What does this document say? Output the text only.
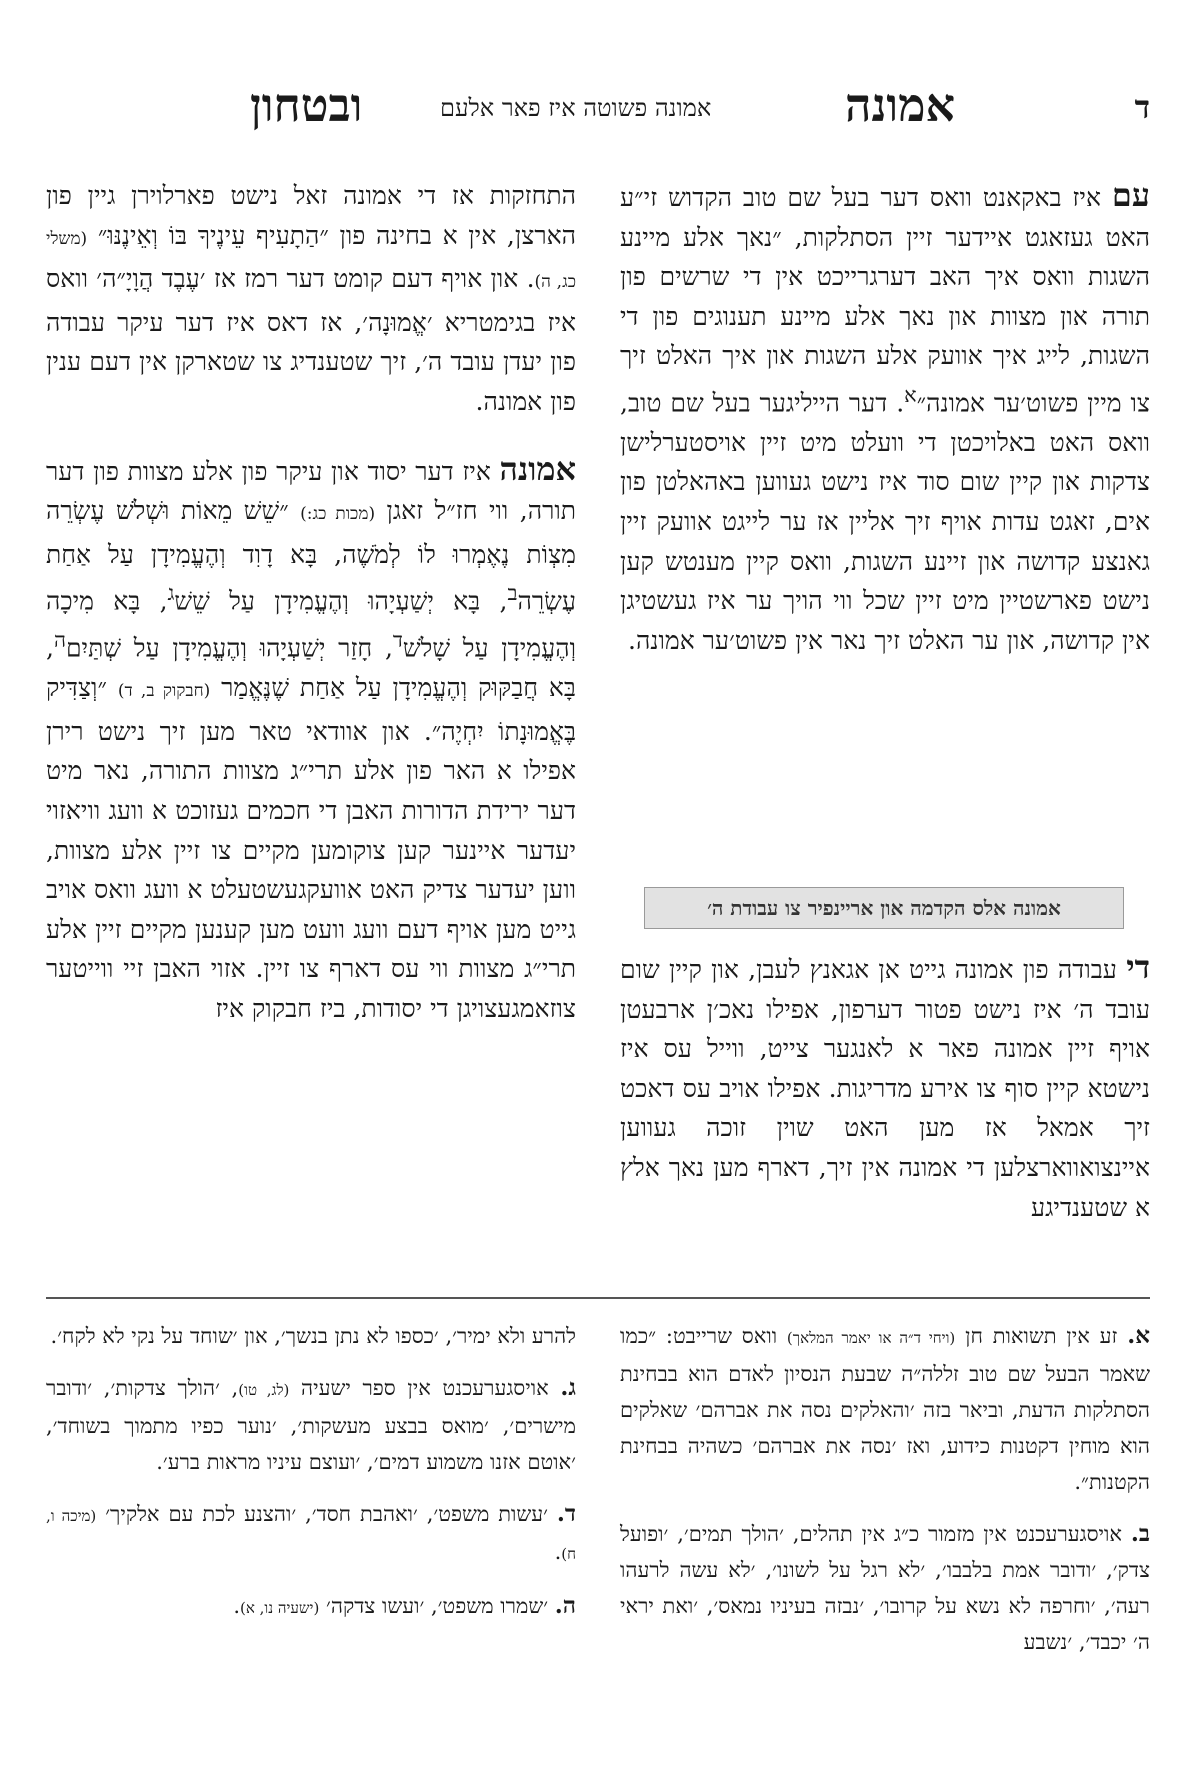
ד
אמונה
אמונה פשוטה איז פאר אלעם
ובטחון

עם איז באקאנט וואס דער בעל שם טוב הקדוש זי״ע האט געזאגט איידער זיין הסתלקות, ״נאך אלע מיינע השגות וואס איך האב דערגרייכט אין די שרשים פון תורה און מצוות און נאך אלע מיינע תענוגים פון די השגות, לייג איך אוועק אלע השגות און איך האלט זיך צו מיין פשוט׳ער אמונה״$^א$. דער הייליגער בעל שם טוב, וואס האט באלויכטן די וועלט מיט זיין אויסטערלישן צדקות און קיין שום סוד איז נישט געווען באהאלטן פון אים, זאגט עדות אויף זיך אליין אז ער לייגט אוועק זיין גאנצע קדושה און זיינע השגות, וואס קיין מענטש קען נישט פארשטיין מיט זיין שכל ווי הויך ער איז געשטיגן אין קדושה, און ער האלט זיך נאר אין פשוט׳ער אמונה.

אמונה אלס הקדמה און אריינפיר צו עבודת ה׳

די עבודה פון אמונה גייט אן אגאנץ לעבן, און קיין שום עובד ה׳ איז נישט פטור דערפון, אפילו נאכ׳ן ארבעטן אויף זיין אמונה פאר א לאנגער צייט, ווייל עס איז נישטא קיין סוף צו אירע מדריגות. אפילו אויב עס דאכט זיך אמאל אז מען האט שוין זוכה געווען איינצואווארצלען די אמונה אין זיך, דארף מען נאך אלץ א שטענדיגע

התחזקות אז די אמונה זאל נישט פארלוירן גיין פון הארצן, אין א בחינה פון ״הַתָעִיף עֵינֶיךָ בּוֹ וְאֵינֶנּוּ״ (משלי כג, ה). און אויף דעם קומט דער רמז אז ׳עֶבֶד הֲוָיָ״ה׳ וואס איז בגימטריא ׳אֱמוּנָה׳, אז דאס איז דער עיקר עבודה פון יעדן עובד ה׳, זיך שטענדיג צו שטארקן אין דעם ענין פון אמונה.

אמונה איז דער יסוד און עיקר פון אלע מצוות פון דער תורה, ווי חז״ל זאגן (מכות כג:) ״שֵׁשׁ מֵאוֹת וּשְׁלֹשׁ עֶשְׂרֵה מִצְוֹת נֶאֶמְרוּ לוֹ לְמֹשֶׁה, בָּא דָוִד וְהֶעֱמִידָן עַל אַחַת עֶשְׂרֵה$^ב$, בָּא יְשַׁעְיָהוּ וְהֶעֱמִידָן עַל שֵׁשׁ$^ג$, בָּא מִיכָה וְהֶעֱמִידָן עַל שָׁלֹשׁ$^ד$, חָזַר יְשַׁעְיָהוּ וְהֶעֱמִידָן עַל שְׁתַּיִם$^ה$, בָּא חֲבַקּוּק וְהֶעֱמִידָן עַל אַחַת שֶׁנֶּאֱמַר (חבקוק ב, ד) ״וְצַדִּיק בֶּאֱמוּנָתוֹ יִחְיֶה״. און אוודאי טאר מען זיך נישט רירן אפילו א האר פון אלע תרי״ג מצוות התורה, נאר מיט דער ירידת הדורות האבן די חכמים געזוכט א וועג וויאזוי יעדער איינער קען צוקומען מקיים צו זיין אלע מצוות, ווען יעדער צדיק האט אוועקגעשטעלט א וועג וואס אויב גייט מען אויף דעם וועג וועט מען קענען מקיים זיין אלע תרי״ג מצוות ווי עס דארף צו זיין. אזוי האבן זיי ווייטער צוזאמגעצויגן די יסודות, ביז חבקוק איז

א. זע אין תשואות חן (ויחי ד״ה או יאמר המלאך) וואס שרייבט: ״כמו שאמר הבעל שם טוב זללה״ה שבעת הנסיון לאדם הוא בבחינת הסתלקות הדעת, וביאר בזה ׳והאלקים נסה את אברהם׳ שאלקים הוא מוחין דקטנות כידוע, ואז ׳נסה את אברהם׳ כשהיה בבחינת הקטנות״.

ב. אויסגערעכנט אין מזמור כ״ג אין תהלים, ׳הולך תמים׳, ׳ופועל צדק׳, ׳ודובר אמת בלבבו׳, ׳לא רגל על לשונו׳, ׳לא עשה לרעהו רעה׳, ׳וחרפה לא נשא על קרובו׳, ׳נבזה בעיניו נמאס׳, ׳ואת יראי ה׳ יכבד׳, ׳נשבע

להרע ולא ימיר׳, ׳כספו לא נתן בנשך׳, און ׳שוחד על נקי לא לקח׳.

ג. אויסגערעכנט אין ספר ישעיה (לג, טו), ׳הולך צדקות׳, ׳ודובר מישרים׳, ׳מואס בבצע מעשקות׳, ׳נוער כפיו מתמוך בשוחד׳, ׳אוטם אזנו משמוע דמים׳, ׳ועוצם עיניו מראות ברע׳.

ד. ׳עשות משפט׳, ׳ואהבת חסד׳, ׳והצנע לכת עם אלקיך׳ (מיכה ו, ח).

ה. ׳שמרו משפט׳, ׳ועשו צדקה׳ (ישעיה נו, א).
